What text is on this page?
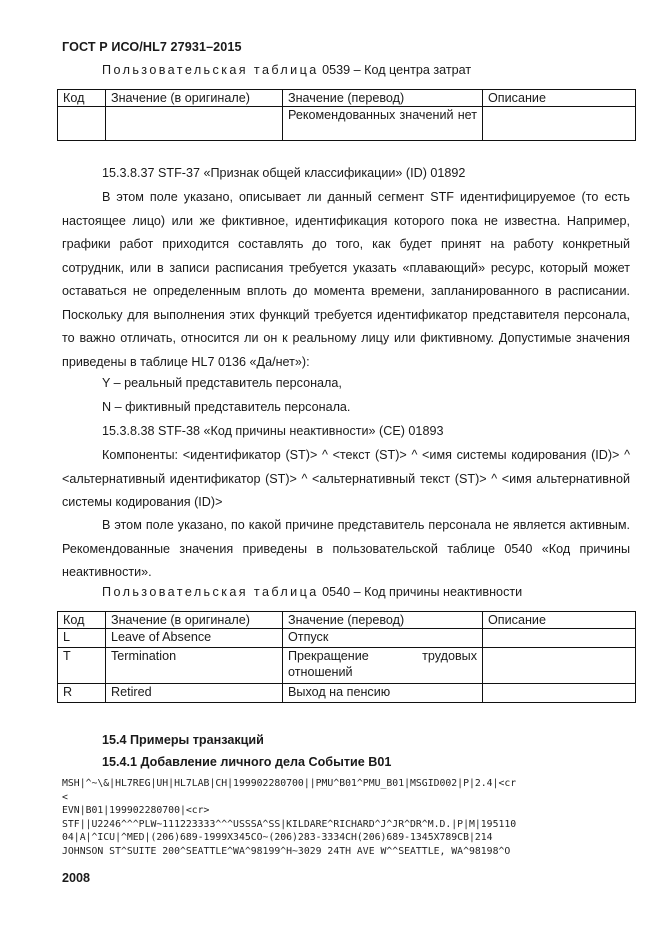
ГОСТ Р ИСО/HL7 27931–2015
Пользовательская таблица 0539 – Код центра затрат
Код	Значение (в оригинале)	Значение (перевод)	Описание
		Рекомендованных значений нет	
15.3.8.37 STF-37 «Признак общей классификации» (ID) 01892
В этом поле указано, описывает ли данный сегмент STF идентифицируемое (то есть настоящее лицо) или же фиктивное, идентификация которого пока не известна. Например, графики работ приходится составлять до того, как будет принят на работу конкретный сотрудник, или в записи расписания требуется указать «плавающий» ресурс, который может оставаться не определенным вплоть до момента времени, запланированного в расписании. Поскольку для выполнения этих функций требуется идентификатор представителя персонала, то важно отличать, относится ли он к реальному лицу или фиктивному. Допустимые значения приведены в таблице HL7 0136 «Да/нет»):
Y – реальный представитель персонала,
N – фиктивный представитель персонала.
15.3.8.38 STF-38 «Код причины неактивности» (CE) 01893
Компоненты: <идентификатор (ST)> ^ <текст (ST)> ^ <имя системы кодирования (ID)> ^ <альтернативный идентификатор (ST)> ^ <альтернативный текст (ST)> ^ <имя альтернативной системы кодирования (ID)>
В этом поле указано, по какой причине представитель персонала не является активным. Рекомендованные значения приведены в пользовательской таблице 0540 «Код причины неактивности».
Пользовательская таблица 0540 – Код причины неактивности
Код	Значение (в оригинале)	Значение (перевод)	Описание
L	Leave of Absence	Отпуск	
T	Termination	Прекращение трудовых отношений	
R	Retired	Выход на пенсию	
15.4 Примеры транзакций
15.4.1 Добавление личного дела Событие B01
MSH|^~\&|HL7REG|UH|HL7LAB|CH|199902280700||PMU^B01^PMU_B01|MSGID002|P|2.4|<cr
<
EVN|B01|199902280700|<cr>
STF||U2246^^^PLW~111223333^^^USSSA^SS|KILDARE^RICHARD^J^JR^DR^M.D.|P|M|195110
04|A|^ICU|^MED|(206)689-1999X345CO~(206)283-3334CH(206)689-1345X789CB|214
JOHNSON ST^SUITE 200^SEATTLE^WA^98199^H~3029 24TH AVE W^^SEATTLE, WA^98198^O
2008
